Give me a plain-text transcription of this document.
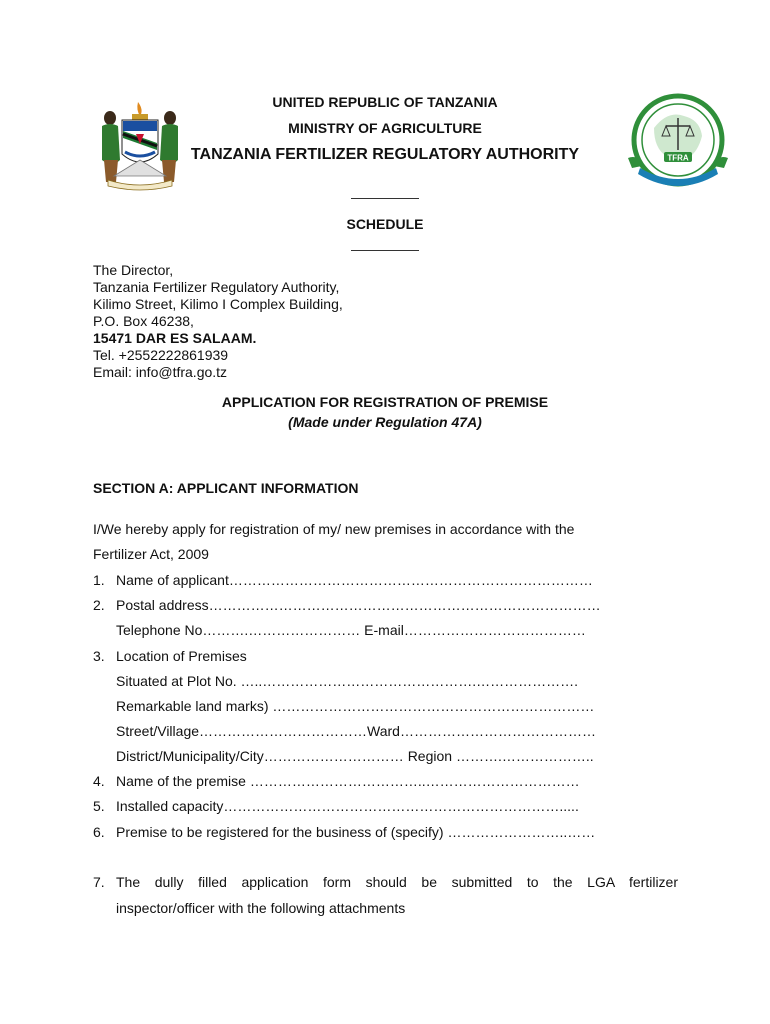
TFRA
UNITED REPUBLIC OF TANZANIA
MINISTRY OF AGRICULTURE
TANZANIA FERTILIZER REGULATORY AUTHORITY
SCHEDULE
The Director,
Tanzania Fertilizer Regulatory Authority,
Kilimo Street, Kilimo I Complex Building,
P.O. Box 46238,
15471 DAR ES SALAAM.
Tel. +2552222861939
Email: info@tfra.go.tz
APPLICATION FOR REGISTRATION OF PREMISE
(Made under Regulation 47A)
SECTION A: APPLICANT INFORMATION
I/We hereby apply for registration of my/ new premises in accordance with the
Fertilizer Act, 2009
1. Name of applicant……………………………………………………………………
2. Postal address…………………………………………………………………………
Telephone No……….…………………… E-mail…………………………………
3. Location of Premises
Situated at Plot No. …..……………………………………….………………….
Remarkable land marks) ……………………………………………………………
Street/Village………………………………Ward……………………………………
District/Municipality/City………………………… Region ……….………………..
4. Name of the premise ………………………………..……………………………
5. Installed capacity……………………………………………………………….....
6. Premise to be registered for the business of (specify) ……………………..……
7. The dully filled application form should be submitted to the LGA fertilizer
inspector/officer with the following attachments
